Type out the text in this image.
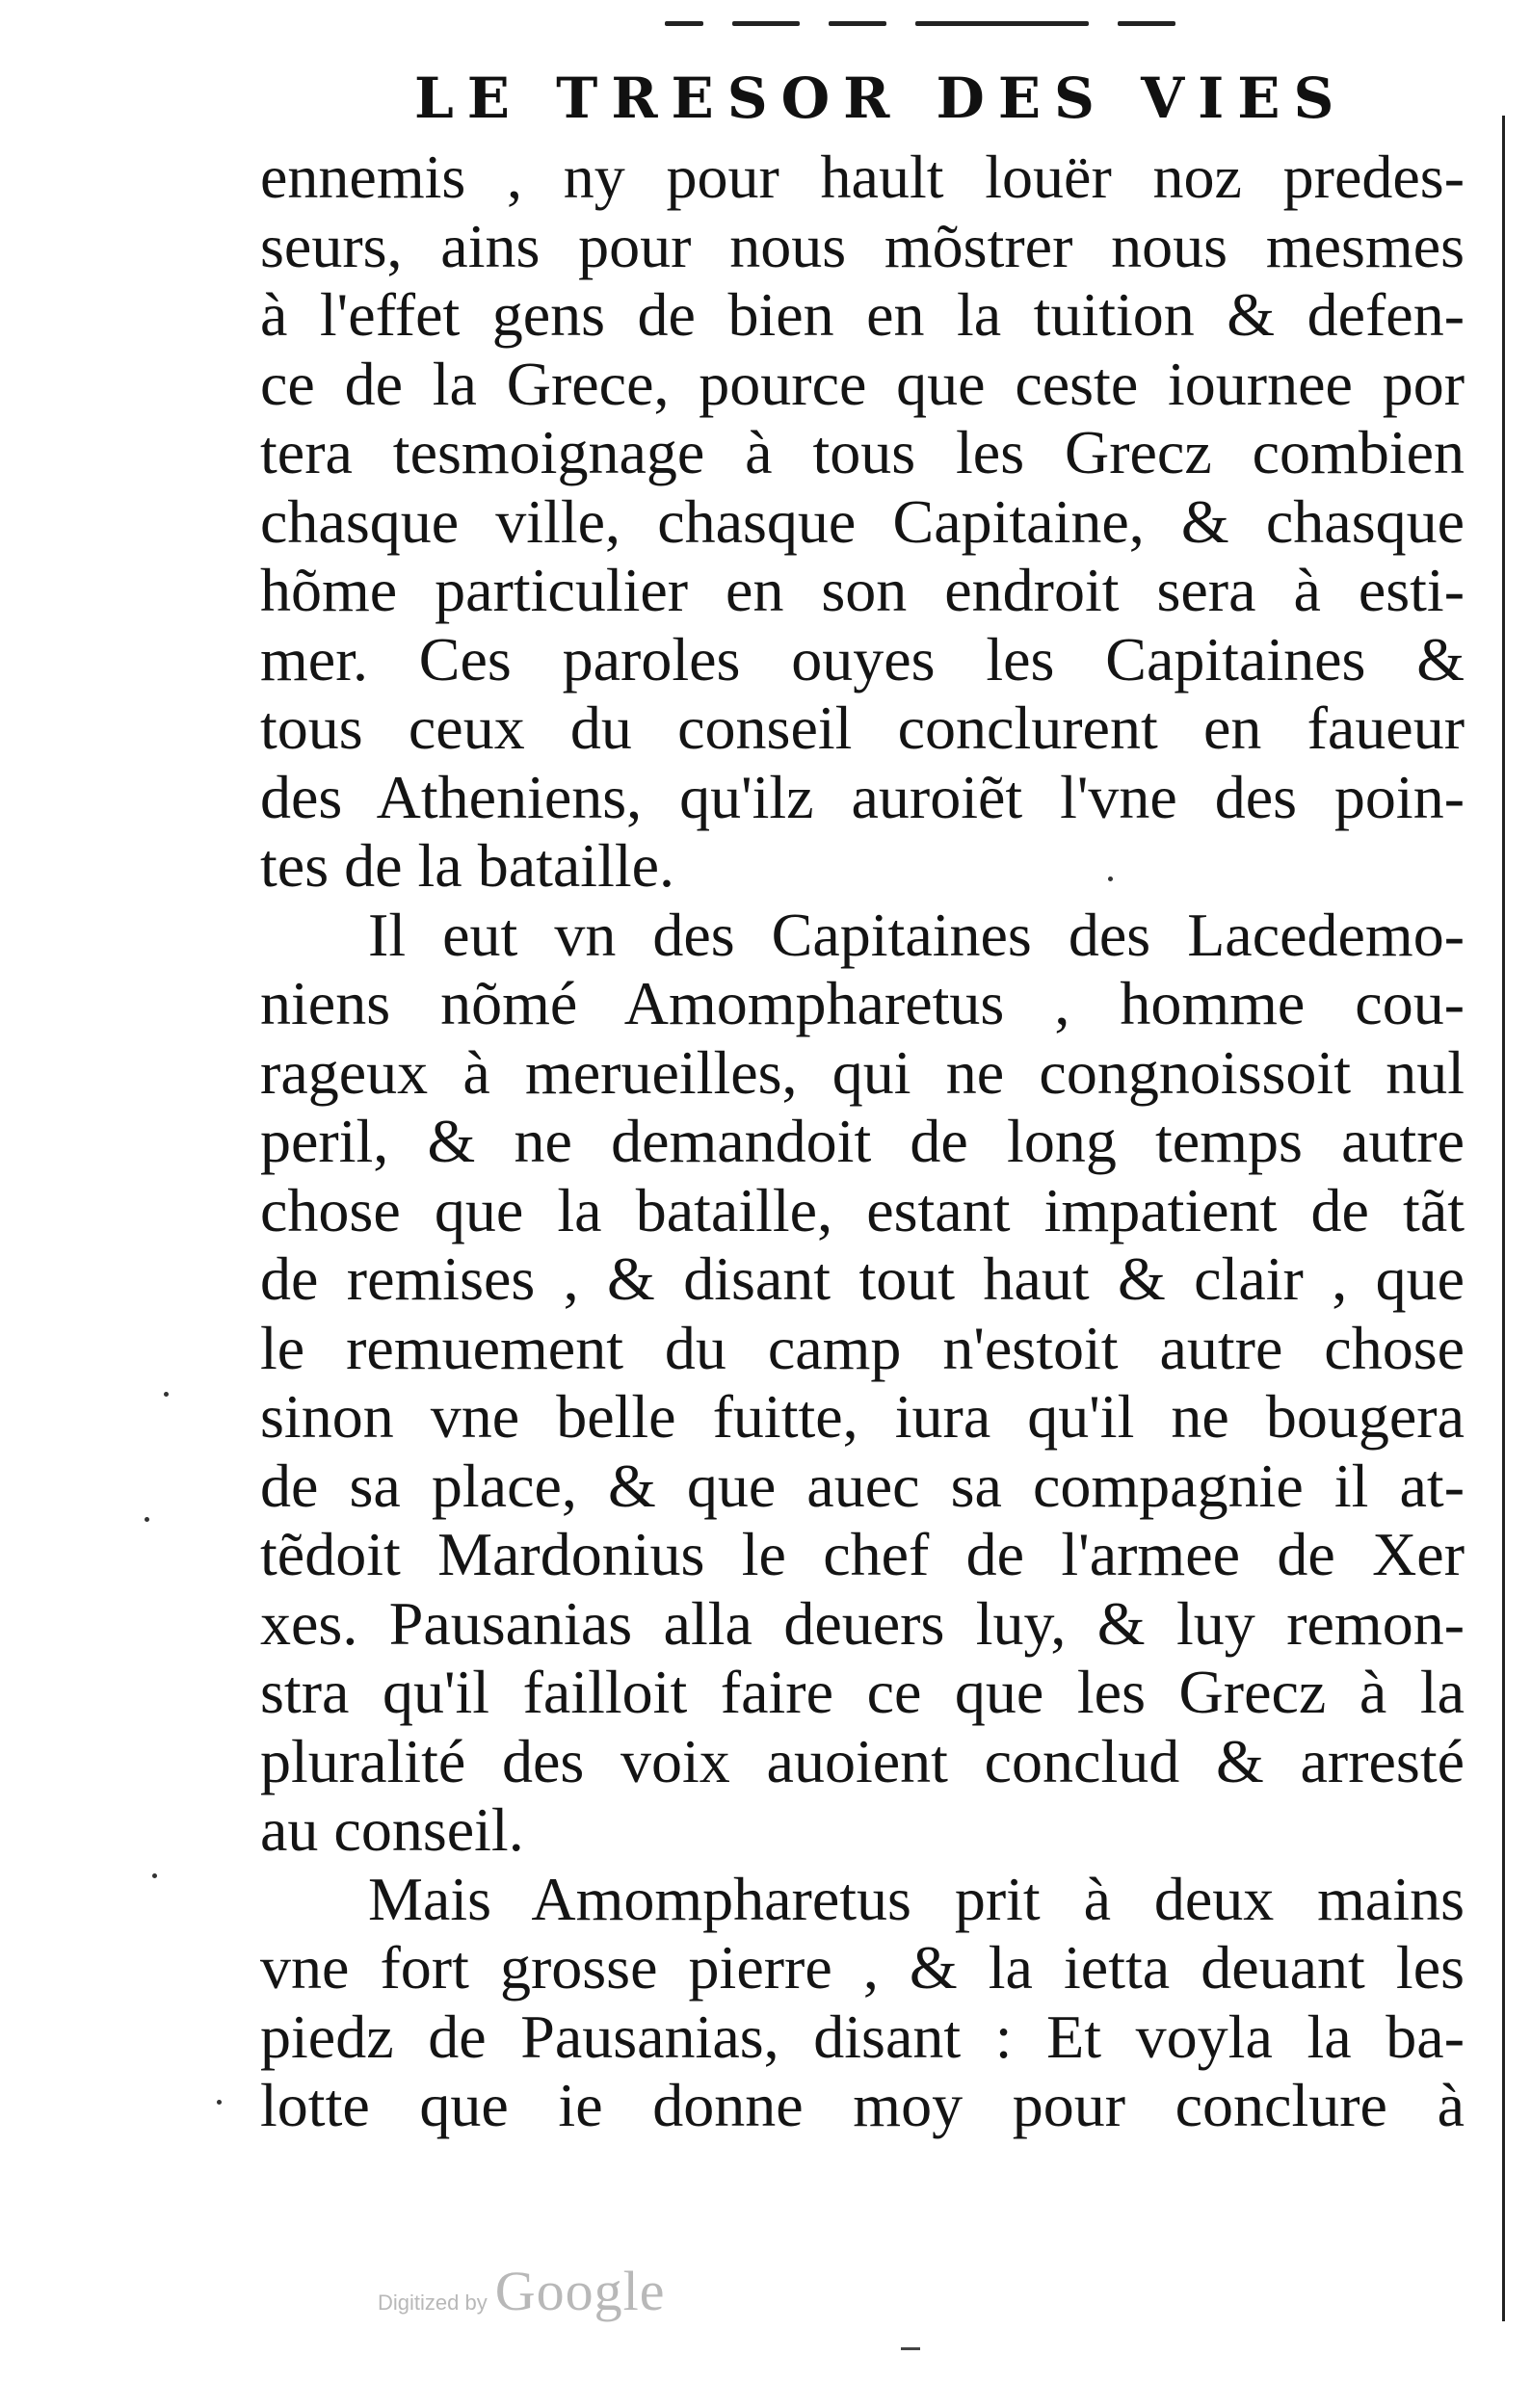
LE TRESOR DES VIES
ennemis , ny pour hault louër noz predes-
seurs, ains pour nous mõstrer nous mesmes
à l'effet gens de bien en la tuition & defen-
ce de la Grece, pource que ceste iournee por
tera tesmoignage à tous les Grecz combien
chasque ville, chasque Capitaine, & chasque
hõme particulier en son endroit sera à esti-
mer. Ces paroles ouyes les Capitaines &
tous ceux du conseil conclurent en faueur
des Atheniens, qu'ilz auroiẽt l'vne des poin-
tes de la bataille.
Il eut vn des Capitaines des Lacedemo-
niens nõmé Amompharetus , homme cou-
rageux à merueilles, qui ne congnoissoit nul
peril, & ne demandoit de long temps autre
chose que la bataille, estant impatient de tãt
de remises , & disant tout haut & clair , que
le remuement du camp n'estoit autre chose
sinon vne belle fuitte, iura qu'il ne bougera
de sa place, & que auec sa compagnie il at-
tẽdoit Mardonius le chef de l'armee de Xer
xes. Pausanias alla deuers luy, & luy remon-
stra qu'il failloit faire ce que les Grecz à la
pluralité des voix auoient conclud & arresté
au conseil.
Mais Amompharetus prit à deux mains
vne fort grosse pierre , & la ietta deuant les
piedz de Pausanias, disant : Et voyla la ba-
lotte que ie donne moy pour conclure à
Digitized by Google
